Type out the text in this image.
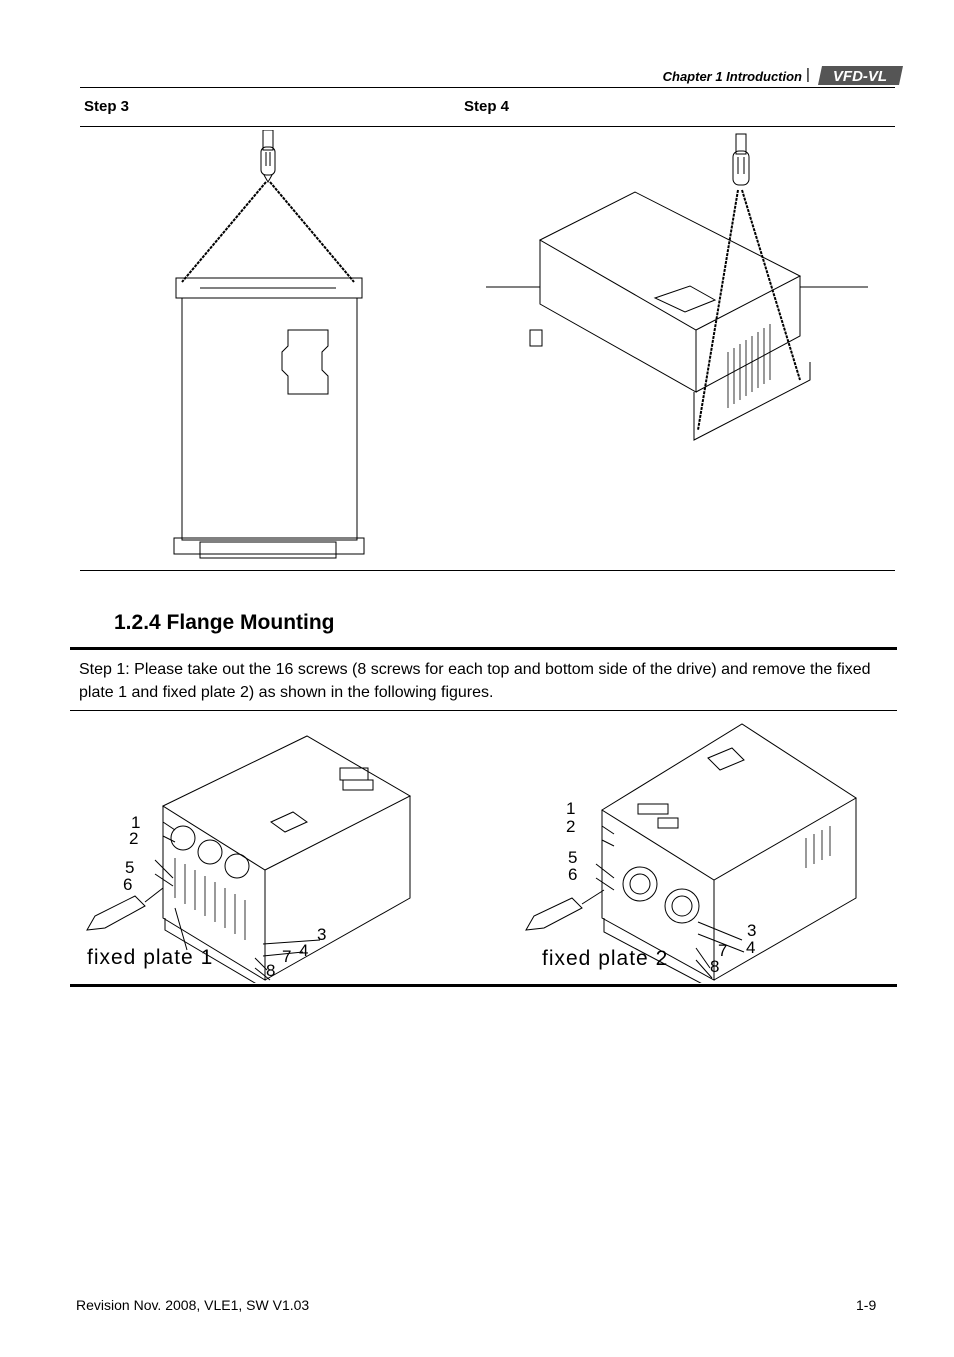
Chapter 1 Introduction | VFD-VL
Step 3	Step 4
1.2.4 Flange Mounting
Step 1: Please take out the 16 screws (8 screws for each top and bottom side of the drive) and remove the fixed plate 1 and fixed plate 2) as shown in the following figures.
fixed plate 1
1
2
5
6
3
4
7
8
fixed plate 2
1
2
5
6
3
4
7
8
Revision Nov. 2008, VLE1, SW V1.03	1-9
